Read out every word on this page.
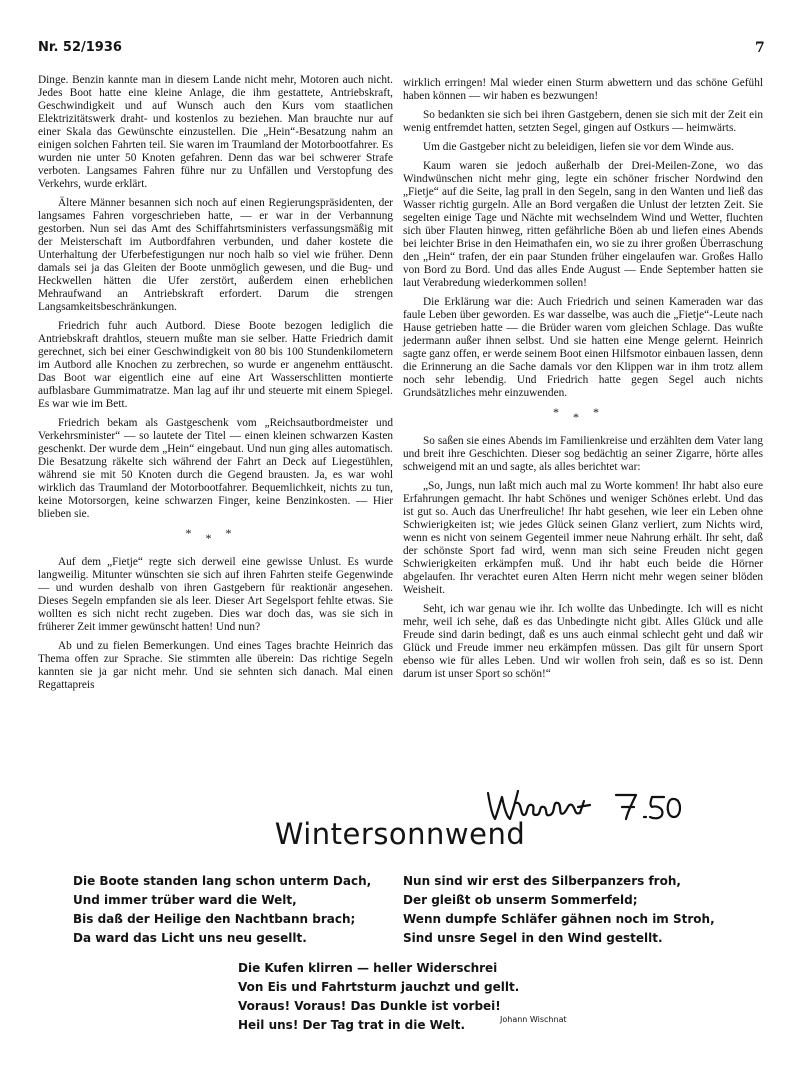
Nr. 52/1936	7

Dinge. Benzin kannte man in diesem Lande nicht mehr, Motoren auch nicht. Jedes Boot hatte eine kleine Anlage, die ihm gestattete, Antriebskraft, Geschwindigkeit und auf Wunsch auch den Kurs vom staatlichen Elektrizitätswerk draht- und kostenlos zu beziehen. Man brauchte nur auf einer Skala das Gewünschte einzustellen. Die „Hein“-Besatzung nahm an einigen solchen Fahrten teil. Sie waren im Traumland der Motorbootfahrer. Es wurden nie unter 50 Knoten gefahren. Denn das war bei schwerer Strafe verboten. Langsames Fahren führe nur zu Unfällen und Verstopfung des Verkehrs, wurde erklärt.

Ältere Männer besannen sich noch auf einen Regierungspräsidenten, der langsames Fahren vorgeschrieben hatte, — er war in der Verbannung gestorben. Nun sei das Amt des Schiffahrtsministers verfassungsmäßig mit der Meisterschaft im Autbordfahren verbunden, und daher kostete die Unterhaltung der Uferbefestigungen nur noch halb so viel wie früher. Denn damals sei ja das Gleiten der Boote unmöglich gewesen, und die Bug- und Heckwellen hätten die Ufer zerstört, außerdem einen erheblichen Mehraufwand an Antriebskraft erfordert. Darum die strengen Langsamkeitsbeschränkungen.

Friedrich fuhr auch Autbord. Diese Boote bezogen lediglich die Antriebskraft drahtlos, steuern mußte man sie selber. Hatte Friedrich damit gerechnet, sich bei einer Geschwindigkeit von 80 bis 100 Stundenkilometern im Autbord alle Knochen zu zerbrechen, so wurde er angenehm enttäuscht. Das Boot war eigentlich eine auf eine Art Wasserschlitten montierte aufblasbare Gummimatratze. Man lag auf ihr und steuerte mit einem Spiegel. Es war wie im Bett.

Friedrich bekam als Gastgeschenk vom „Reichsautbordmeister und Verkehrsminister“ — so lautete der Titel — einen kleinen schwarzen Kasten geschenkt. Der wurde dem „Hein“ eingebaut. Und nun ging alles automatisch. Die Besatzung räkelte sich während der Fahrt an Deck auf Liegestühlen, während sie mit 50 Knoten durch die Gegend brausten. Ja, es war wohl wirklich das Traumland der Motorbootfahrer. Bequemlichkeit, nichts zu tun, keine Motorsorgen, keine schwarzen Finger, keine Benzinkosten. — Hier blieben sie.

***

Auf dem „Fietje“ regte sich derweil eine gewisse Unlust. Es wurde langweilig. Mitunter wünschten sie sich auf ihren Fahrten steife Gegenwinde — und wurden deshalb von ihren Gastgebern für reaktionär angesehen. Dieses Segeln empfanden sie als leer. Dieser Art Segelsport fehlte etwas. Sie wollten es sich nicht recht zugeben. Dies war doch das, was sie sich in früherer Zeit immer gewünscht hatten! Und nun?

Ab und zu fielen Bemerkungen. Und eines Tages brachte Heinrich das Thema offen zur Sprache. Sie stimmten alle überein: Das richtige Segeln kannten sie ja gar nicht mehr. Und sie sehnten sich danach. Mal einen Regattapreis

wirklich erringen! Mal wieder einen Sturm abwettern und das schöne Gefühl haben können — wir haben es bezwungen!

So bedankten sie sich bei ihren Gastgebern, denen sie sich mit der Zeit ein wenig entfremdet hatten, setzten Segel, gingen auf Ostkurs — heimwärts.

Um die Gastgeber nicht zu beleidigen, liefen sie vor dem Winde aus.

Kaum waren sie jedoch außerhalb der Drei-Meilen-Zone, wo das Windwünschen nicht mehr ging, legte ein schöner frischer Nordwind den „Fietje“ auf die Seite, lag prall in den Segeln, sang in den Wanten und ließ das Wasser richtig gurgeln. Alle an Bord vergaßen die Unlust der letzten Zeit. Sie segelten einige Tage und Nächte mit wechselndem Wind und Wetter, fluchten sich über Flauten hinweg, ritten gefährliche Böen ab und liefen eines Abends bei leichter Brise in den Heimathafen ein, wo sie zu ihrer großen Überraschung den „Hein“ trafen, der ein paar Stunden früher eingelaufen war. Großes Hallo von Bord zu Bord. Und das alles Ende August — Ende September hatten sie laut Verabredung wiederkommen sollen!

Die Erklärung war die: Auch Friedrich und seinen Kameraden war das faule Leben über geworden. Es war dasselbe, was auch die „Fietje“-Leute nach Hause getrieben hatte — die Brüder waren vom gleichen Schlage. Das wußte jedermann außer ihnen selbst. Und sie hatten eine Menge gelernt. Heinrich sagte ganz offen, er werde seinem Boot einen Hilfsmotor einbauen lassen, denn die Erinnerung an die Sache damals vor den Klippen war in ihm trotz allem noch sehr lebendig. Und Friedrich hatte gegen Segel auch nichts Grundsätzliches mehr einzuwenden.

***

So saßen sie eines Abends im Familienkreise und erzählten dem Vater lang und breit ihre Geschichten. Dieser sog bedächtig an seiner Zigarre, hörte alles schweigend mit an und sagte, als alles berichtet war:

„So, Jungs, nun laßt mich auch mal zu Worte kommen! Ihr habt also eure Erfahrungen gemacht. Ihr habt Schönes und weniger Schönes erlebt. Und das ist gut so. Auch das Unerfreuliche! Ihr habt gesehen, wie leer ein Leben ohne Schwierigkeiten ist; wie jedes Glück seinen Glanz verliert, zum Nichts wird, wenn es nicht von seinem Gegenteil immer neue Nahrung erhält. Ihr seht, daß der schönste Sport fad wird, wenn man sich seine Freuden nicht gegen Schwierigkeiten erkämpfen muß. Und ihr habt euch beide die Hörner abgelaufen. Ihr verachtet euren Alten Herrn nicht mehr wegen seiner blöden Weisheit.

Seht, ich war genau wie ihr. Ich wollte das Unbedingte. Ich will es nicht mehr, weil ich sehe, daß es das Unbedingte nicht gibt. Alles Glück und alle Freude sind darin bedingt, daß es uns auch einmal schlecht geht und daß wir Glück und Freude immer neu erkämpfen müssen. Das gilt für unsern Sport ebenso wie für alles Leben. Und wir wollen froh sein, daß es so ist. Denn darum ist unser Sport so schön!“

Wintersonnwend
Die Boote standen lang schon unterm Dach,
Und immer trüber ward die Welt,
Bis daß der Heilige den Nachtbann brach;
Da ward das Licht uns neu gesellt.
Nun sind wir erst des Silberpanzers froh,
Der gleißt ob unserm Sommerfeld;
Wenn dumpfe Schläfer gähnen noch im Stroh,
Sind unsre Segel in den Wind gestellt.
Die Kufen klirren — heller Widerschrei
Von Eis und Fahrtsturm jauchzt und gellt.
Voraus! Voraus! Das Dunkle ist vorbei!
Heil uns! Der Tag trat in die Welt.	Johann Wischnat
